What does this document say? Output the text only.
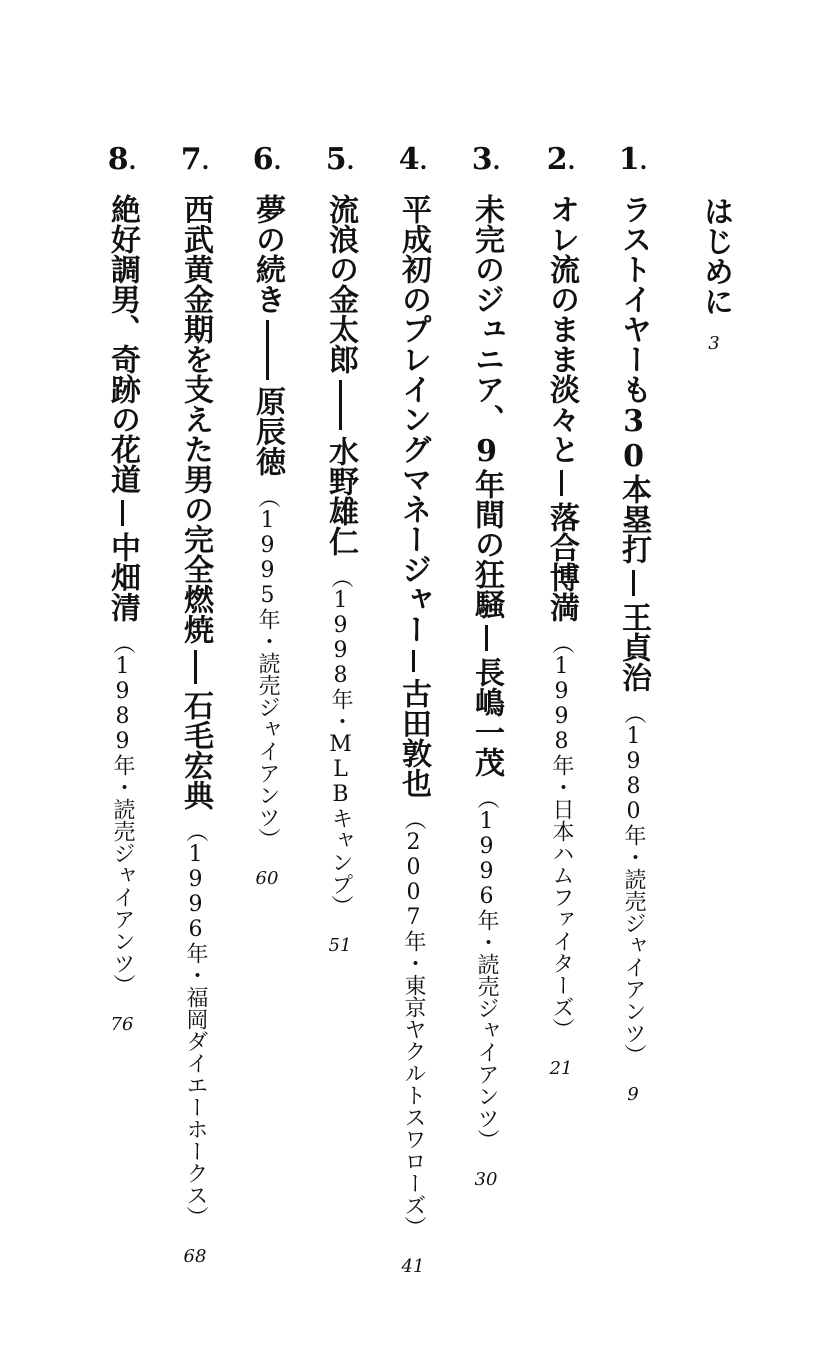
はじめに
3
1.
ラストイヤーも30本塁打
王貞治
（1980年・読売ジャイアンツ）
9
2.
オレ流のまま淡々と
落合博満
（1998年・日本ハムファイターズ）
21
3.
未完のジュニア、9年間の狂騒
長嶋一茂
（1996年・読売ジャイアンツ）
30
4.
平成初のプレイングマネージャー
古田敦也
（2007年・東京ヤクルトスワローズ）
41
5.
流浪の金太郎
水野雄仁
（1998年・MLBキャンプ）
51
6.
夢の続き
原辰徳
（1995年・読売ジャイアンツ）
60
7.
西武黄金期を支えた男の完全燃焼
石毛宏典
（1996年・福岡ダイエーホークス）
68
8.
絶好調男、奇跡の花道
中畑清
（1989年・読売ジャイアンツ）
76
